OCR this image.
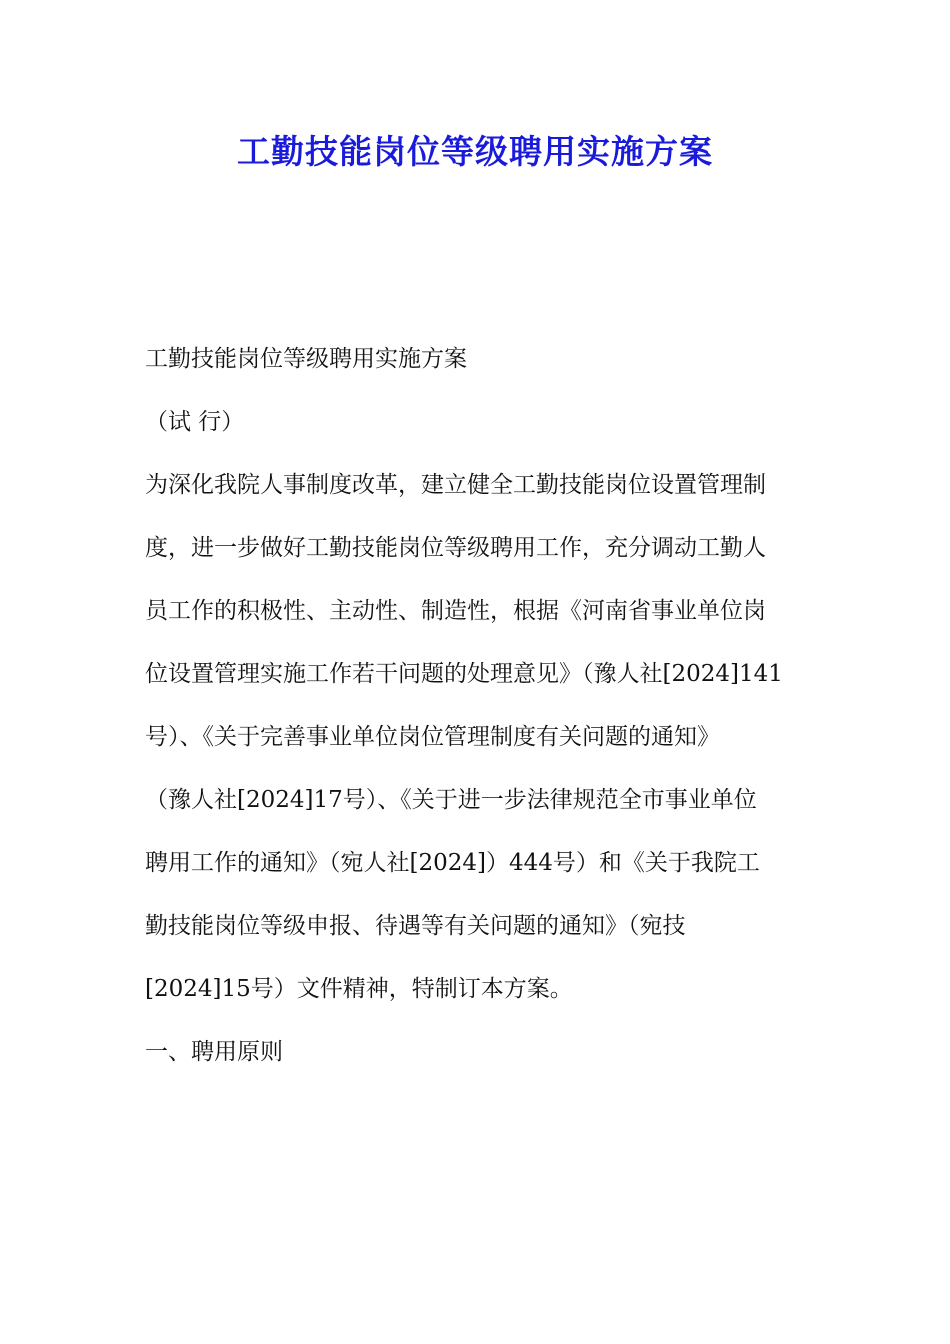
工勤技能岗位等级聘用实施方案

工勤技能岗位等级聘用实施方案

（试 行）

为深化我院人事制度改革，建立健全工勤技能岗位设置管理制

度，进一步做好工勤技能岗位等级聘用工作，充分调动工勤人

员工作的积极性、主动性、制造性，根据《河南省事业单位岗

位设置管理实施工作若干问题的处理意见》（豫人社[2024]141

号）、《关于完善事业单位岗位管理制度有关问题的通知》

（豫人社[2024]17号）、《关于进一步法律规范全市事业单位

聘用工作的通知》（宛人社[2024]）444号）和《关于我院工

勤技能岗位等级申报、待遇等有关问题的通知》（宛技

[2024]15号）文件精神，特制订本方案。

一、聘用原则
